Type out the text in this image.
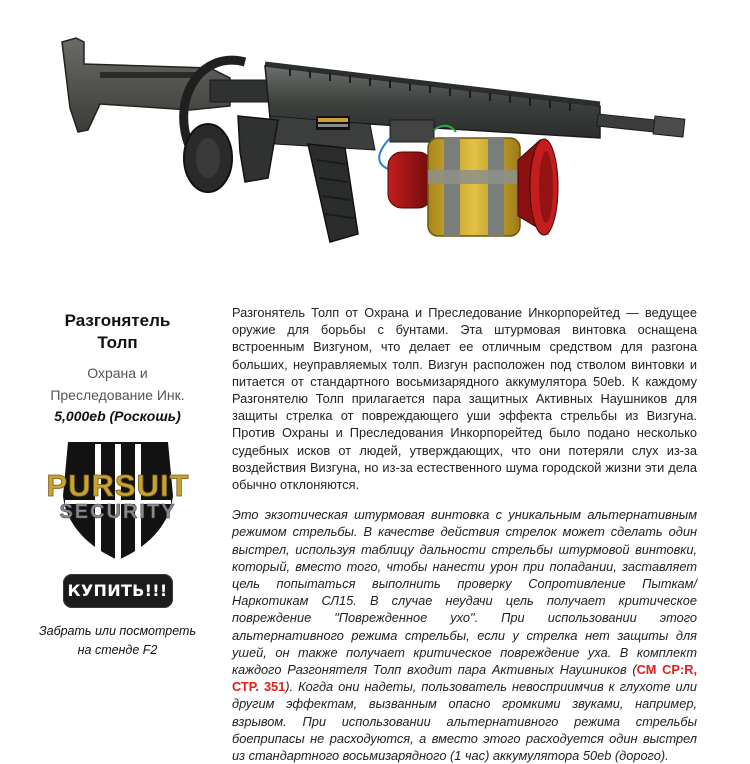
Разгонятель
Толп
Охрана и
Преследование Инк.
5,000eb (Роскошь)
PURSUIT
SECURITY
КУПИТЬ!!!
Забрать или посмотреть
на стенде F2

Разгонятель Толп от Охрана и Преследование Инкорпорейтед — ведущее оружие для борьбы с бунтами. Эта штурмовая винтовка оснащена встроенным Визгуном, что делает ее отличным средством для разгона больших, неуправляемых толп. Визгун расположен под стволом винтовки и питается от стандартного восьмизарядного аккумулятора 50eb. К каждому Разгонятелю Толп прилагается пара защитных Активных Наушников для защиты стрелка от повреждающего уши эффекта стрельбы из Визгуна. Против Охраны и Преследования Инкорпорейтед было подано несколько судебных исков от людей, утверждающих, что они потеряли слух из-за воздействия Визгуна, но из-за естественного шума городской жизни эти дела обычно отклоняются.

Это экзотическая штурмовая винтовка с уникальным альтернативным режимом стрельбы. В качестве действия стрелок может сделать один выстрел, используя таблицу дальности стрельбы штурмовой винтовки, который, вместо того, чтобы нанести урон при попадании, заставляет цель попытаться выполнить проверку Сопротивление Пыткам/Наркотикам СЛ15. В случае неудачи цель получает критическое повреждение "Поврежденное ухо". При использовании этого альтернативного режима стрельбы, если у стрелка нет защиты для ушей, он также получает критическое повреждение уха. В комплект каждого Разгонятеля Толп входит пара Активных Наушников (СМ CP:R, СТР. 351). Когда они надеты, пользователь невосприимчив к глухоте или другим эффектам, вызванным опасно громкими звуками, например, взрывом. При использовании альтернативного режима стрельбы боеприпасы не расходуются, а вместо этого расходуется один выстрел из стандартного восьмизарядного (1 час) аккумулятора 50eb (дорого).
